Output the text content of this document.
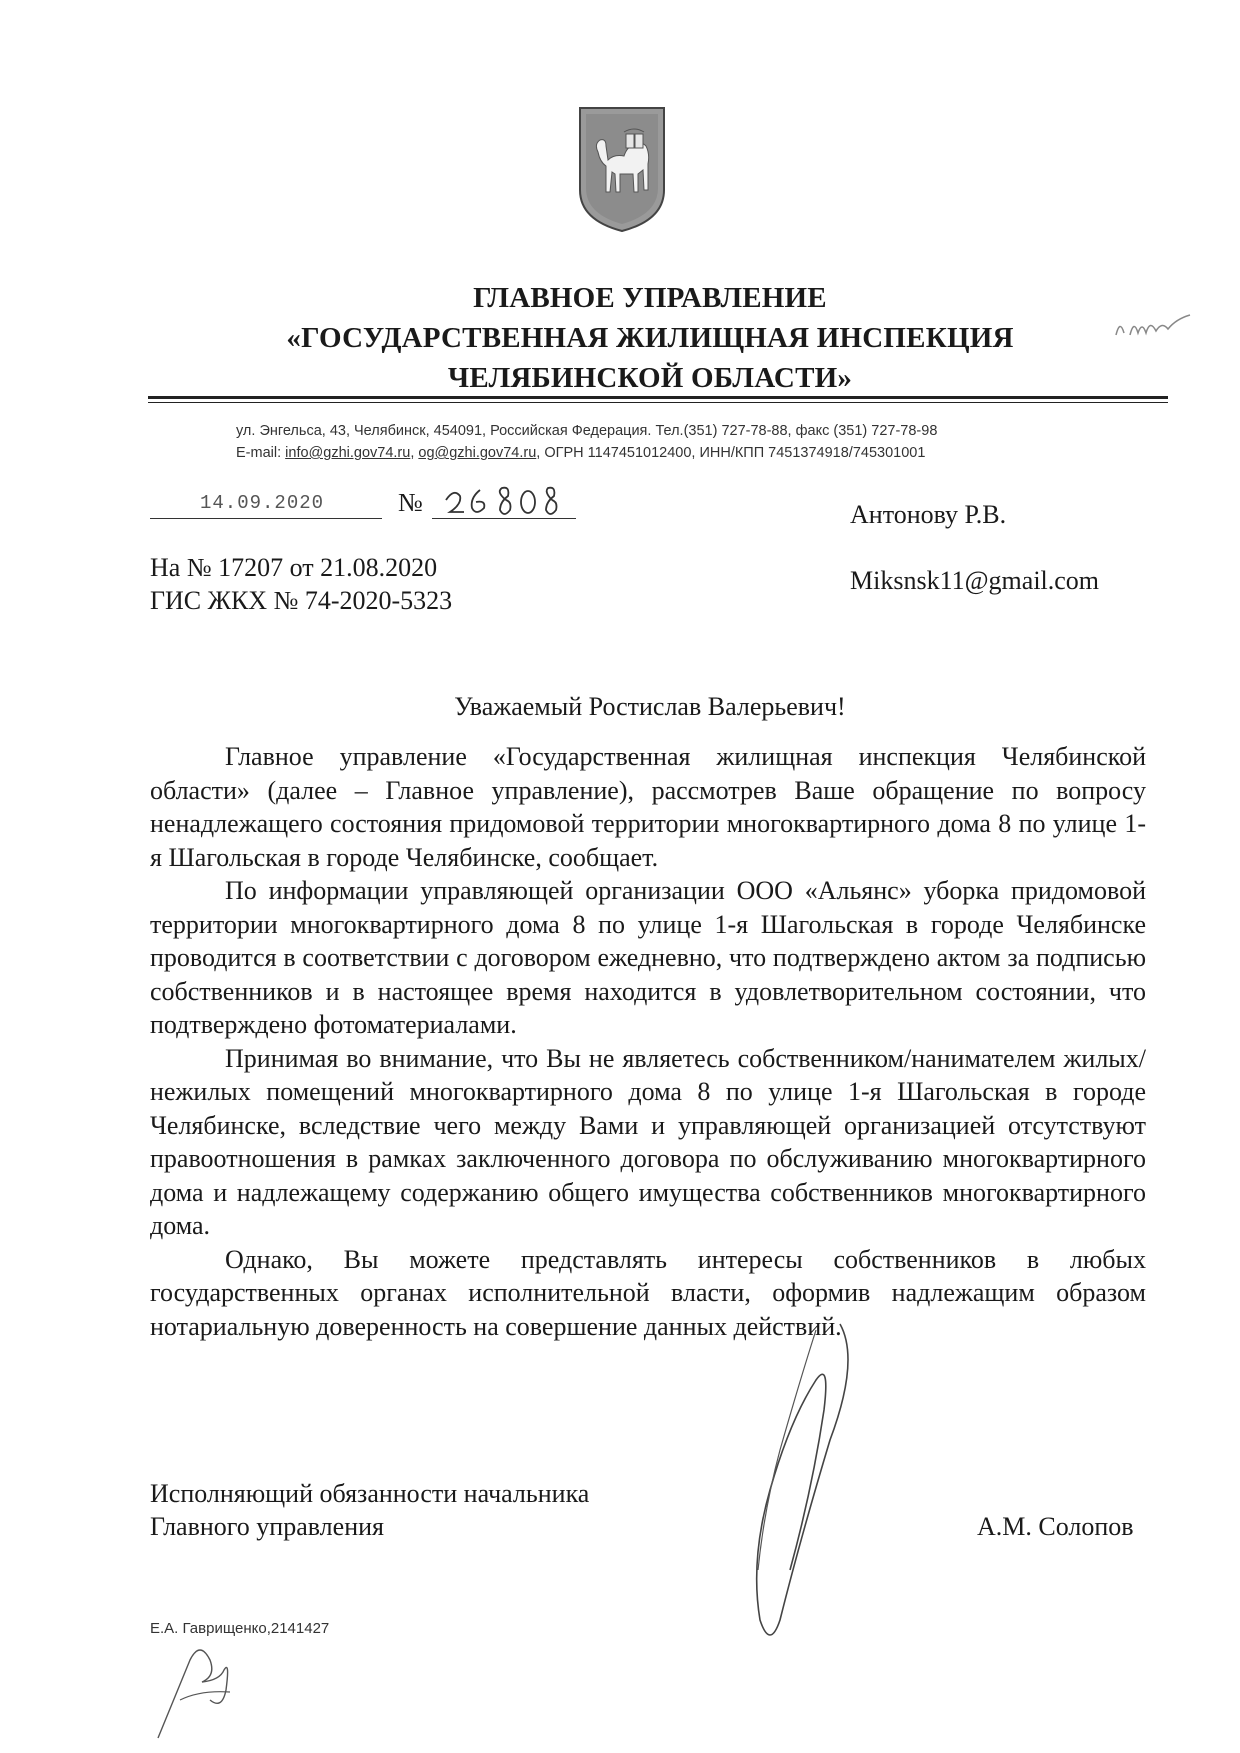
ГЛАВНОЕ УПРАВЛЕНИЕ
«ГОСУДАРСТВЕННАЯ ЖИЛИЩНАЯ ИНСПЕКЦИЯ
ЧЕЛЯБИНСКОЙ ОБЛАСТИ»
ул. Энгельса, 43, Челябинск, 454091, Российская Федерация. Тел.(351) 727-78-88, факс (351) 727-78-98
E-mail: info@gzhi.gov74.ru, og@gzhi.gov74.ru, ОГРН 1147451012400, ИНН/КПП 7451374918/745301001
14.09.2020	№	Антонову Р.В.
Miksnsk11@gmail.com
На № 17207 от 21.08.2020
ГИС ЖКХ № 74-2020-5323
Уважаемый Ростислав Валерьевич!

Главное управление «Государственная жилищная инспекция Челябинской области» (далее – Главное управление), рассмотрев Ваше обращение по вопросу ненадлежащего состояния придомовой территории многоквартирного дома 8 по улице 1-я Шагольская в городе Челябинске, сообщает.

По информации управляющей организации ООО «Альянс» уборка придомовой территории многоквартирного дома 8 по улице 1-я Шагольская в городе Челябинске проводится в соответствии с договором ежедневно, что подтверждено актом за подписью собственников и в настоящее время находится в удовлетворительном состоянии, что подтверждено фотоматериалами.

Принимая во внимание, что Вы не являетесь собственником/нанимателем жилых/нежилых помещений многоквартирного дома 8 по улице 1-я Шагольская в городе Челябинске, вследствие чего между Вами и управляющей организацией отсутствуют правоотношения в рамках заключенного договора по обслуживанию многоквартирного дома и надлежащему содержанию общего имущества собственников многоквартирного дома.

Однако, Вы можете представлять интересы собственников в любых государственных органах исполнительной власти, оформив надлежащим образом нотариальную доверенность на совершение данных действий.

Исполняющий обязанности начальника
Главного управления	А.М. Солопов
Е.А. Гаврищенко,2141427
